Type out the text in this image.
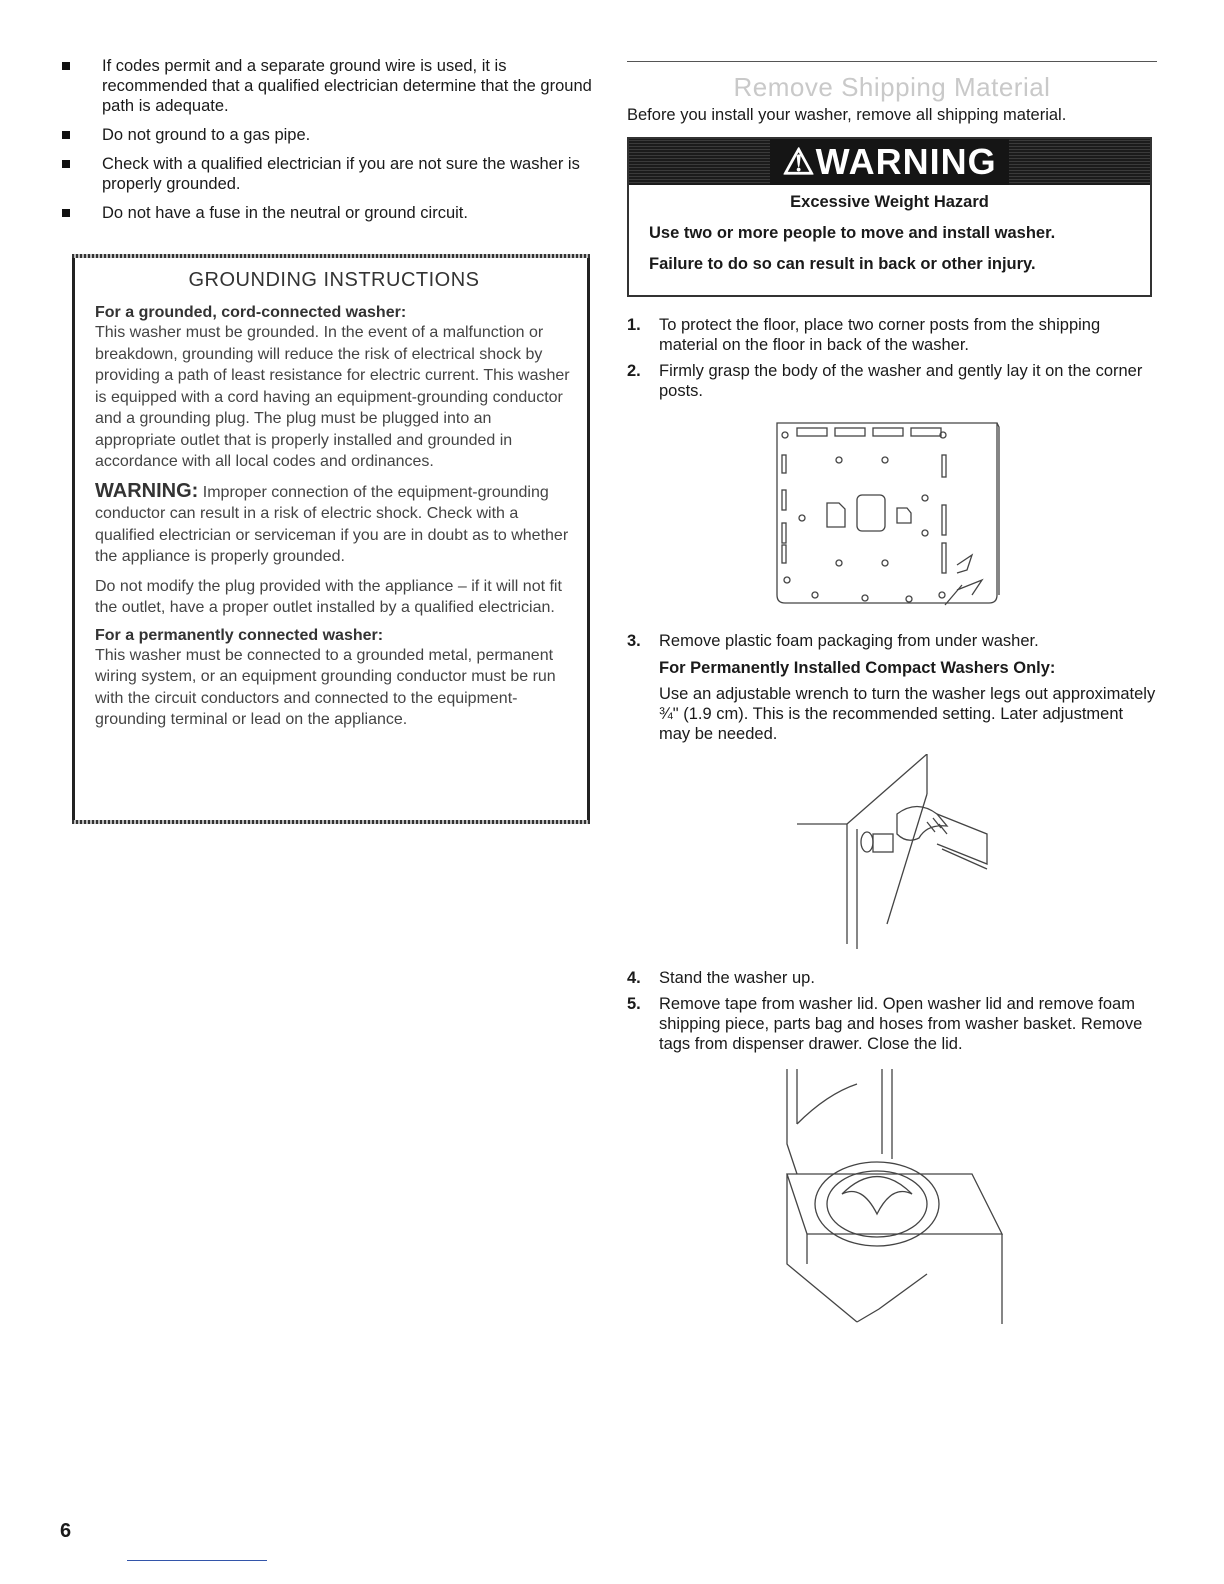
If codes permit and a separate ground wire is used, it is recommended that a qualified electrician determine that the ground path is adequate.
Do not ground to a gas pipe.
Check with a qualified electrician if you are not sure the washer is properly grounded.
Do not have a fuse in the neutral or ground circuit.
GROUNDING INSTRUCTIONS
For a grounded, cord-connected washer:

This washer must be grounded. In the event of a malfunction or breakdown, grounding will reduce the risk of electrical shock by providing a path of least resistance for electric current. This washer is equipped with a cord having an equipment-grounding conductor and a grounding plug. The plug must be plugged into an appropriate outlet that is properly installed and grounded in accordance with all local codes and ordinances.

WARNING: Improper connection of the equipment-grounding conductor can result in a risk of electric shock. Check with a qualified electrician or serviceman if you are in doubt as to whether the appliance is properly grounded.

Do not modify the plug provided with the appliance – if it will not fit the outlet, have a proper outlet installed by a qualified electrician.

For a permanently connected washer:

This washer must be connected to a grounded metal, permanent wiring system, or an equipment grounding conductor must be run with the circuit conductors and connected to the equipment-grounding terminal or lead on the appliance.

Remove Shipping Material
Before you install your washer, remove all shipping material.
⚠WARNING
Excessive Weight Hazard
Use two or more people to move and install washer.
Failure to do so can result in back or other injury.
1. To protect the floor, place two corner posts from the shipping material on the floor in back of the washer.
2. Firmly grasp the body of the washer and gently lay it on the corner posts.
3. Remove plastic foam packaging from under washer.
For Permanently Installed Compact Washers Only:
Use an adjustable wrench to turn the washer legs out approximately ¾" (1.9 cm). This is the recommended setting. Later adjustment may be needed.
4. Stand the washer up.
5. Remove tape from washer lid. Open washer lid and remove foam shipping piece, parts bag and hoses from washer basket. Remove tags from dispenser drawer. Close the lid.
6
